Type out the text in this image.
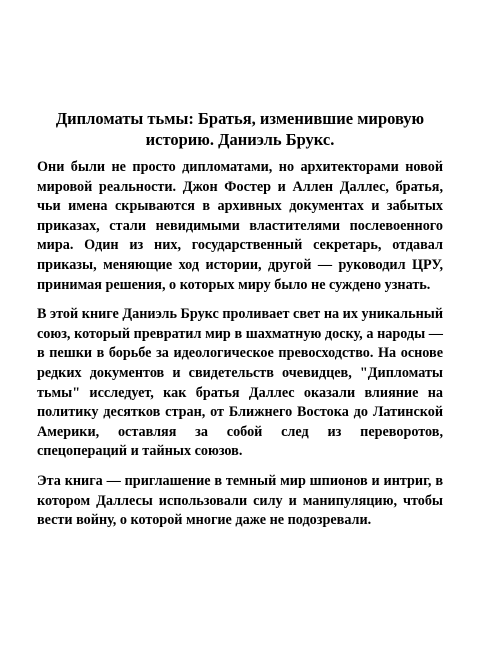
Дипломаты тьмы: Братья, изменившие мировую историю. Даниэль Брукс.

Они были не просто дипломатами, но архитекторами новой мировой реальности. Джон Фостер и Аллен Даллес, братья, чьи имена скрываются в архивных документах и забытых приказах, стали невидимыми властителями послевоенного мира. Один из них, государственный секретарь, отдавал приказы, меняющие ход истории, другой — руководил ЦРУ, принимая решения, о которых миру было не суждено узнать.

В этой книге Даниэль Брукс проливает свет на их уникальный союз, который превратил мир в шахматную доску, а народы — в пешки в борьбе за идеологическое превосходство. На основе редких документов и свидетельств очевидцев, "Дипломаты тьмы" исследует, как братья Даллес оказали влияние на политику десятков стран, от Ближнего Востока до Латинской Америки, оставляя за собой след из переворотов, спецопераций и тайных союзов.

Эта книга — приглашение в темный мир шпионов и интриг, в котором Даллесы использовали силу и манипуляцию, чтобы вести войну, о которой многие даже не подозревали.
